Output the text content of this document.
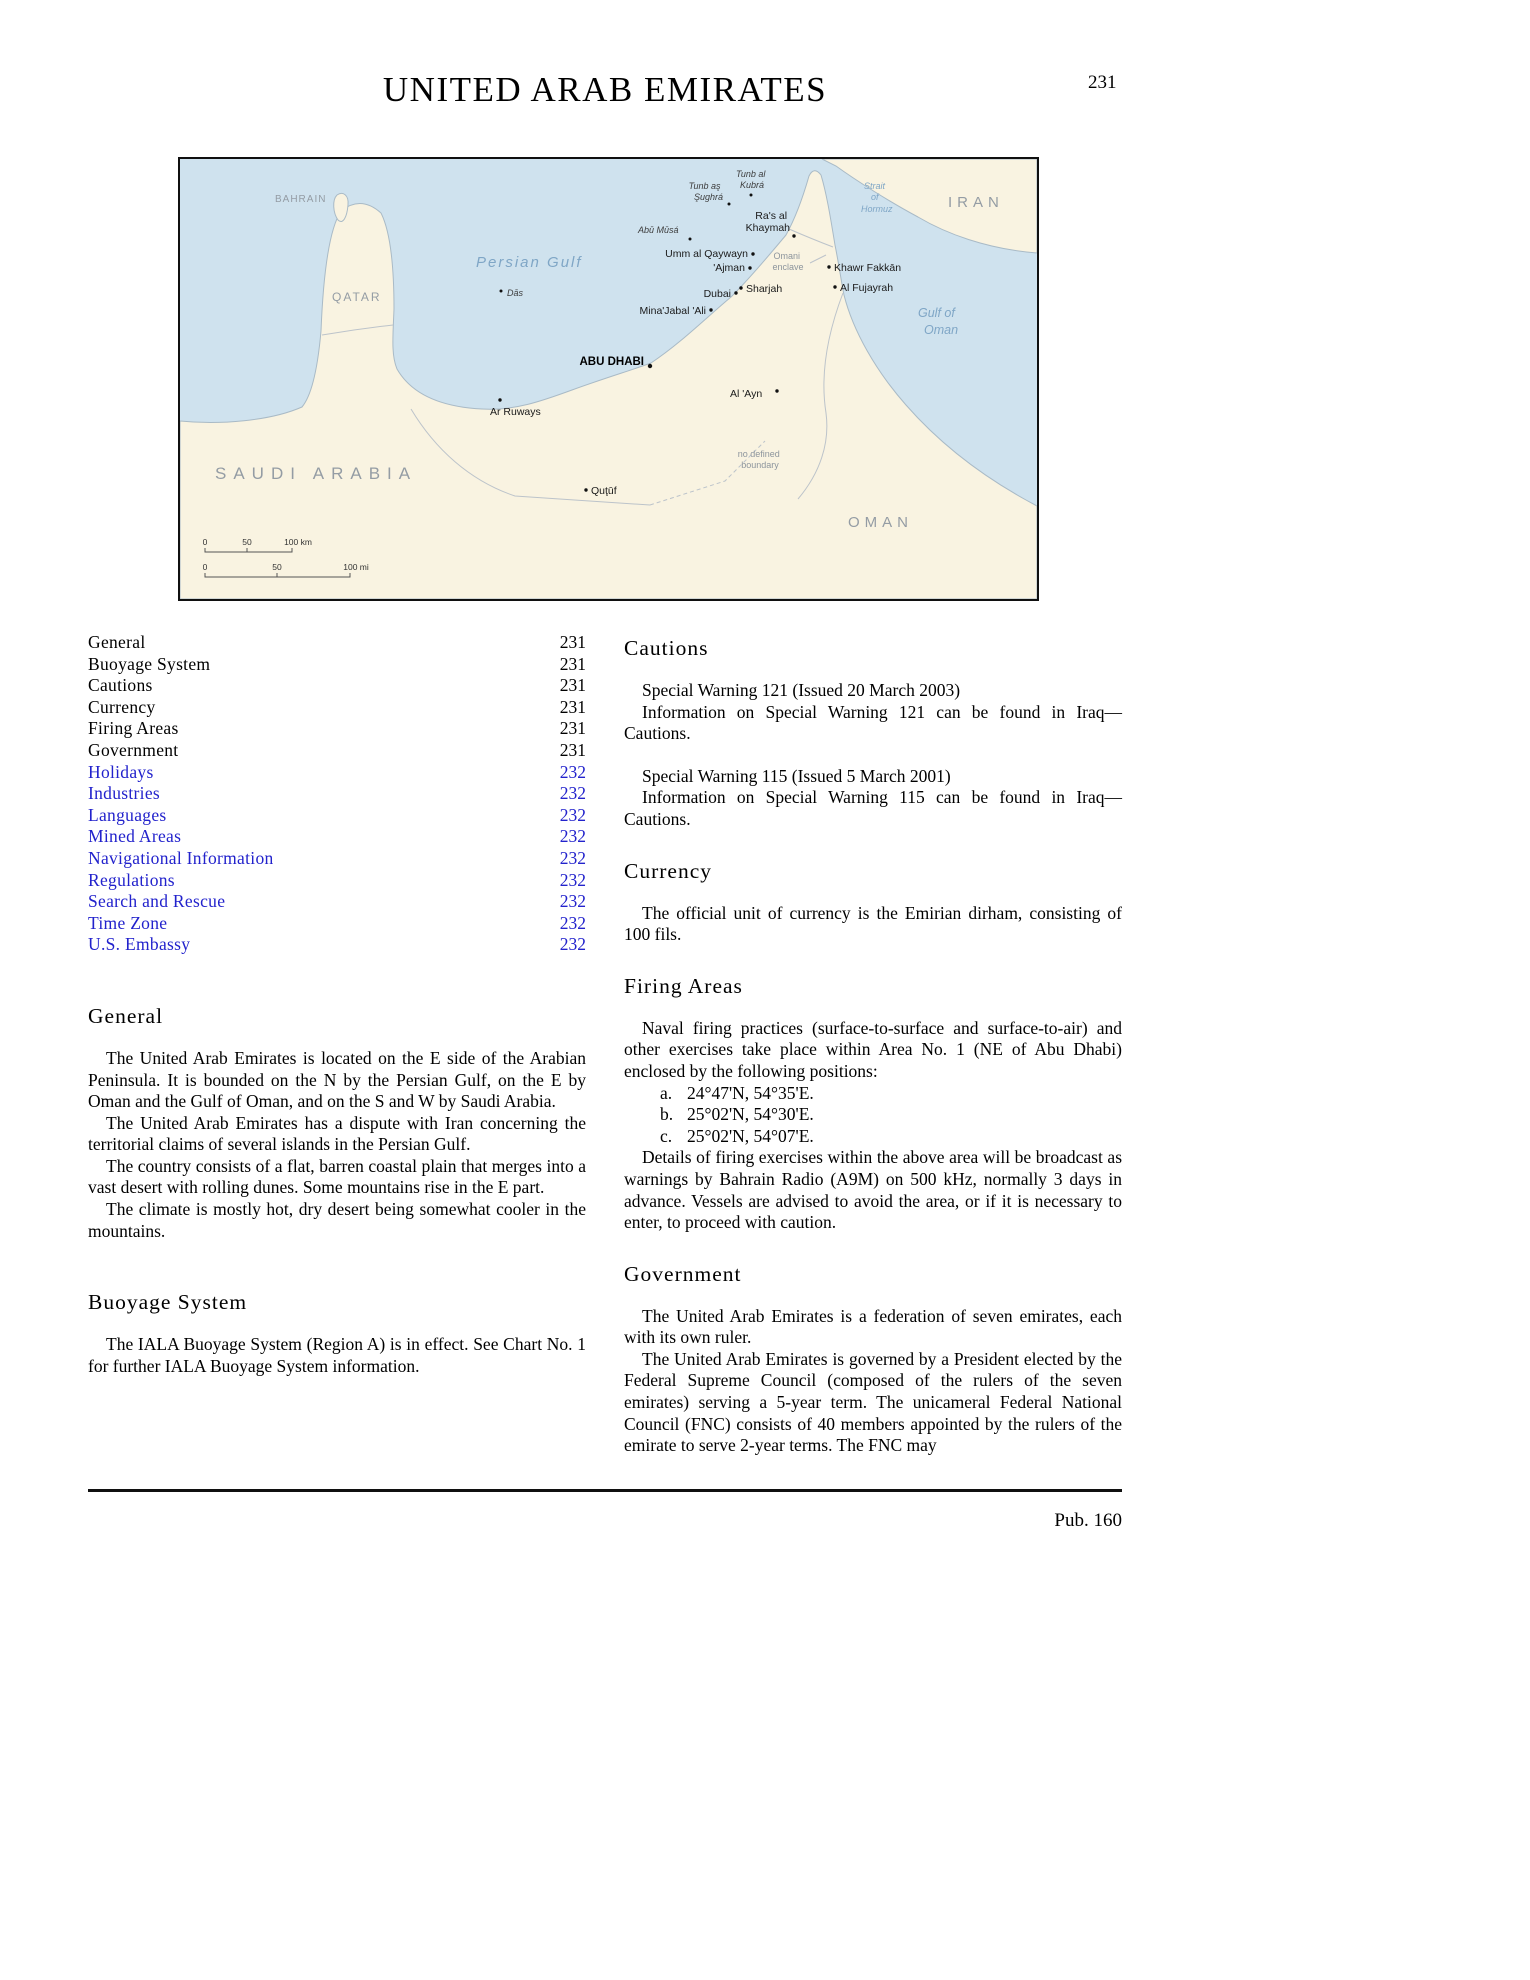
231
UNITED ARAB EMIRATES
BAHRAIN
QATAR
SAUDI ARABIA
IRAN
OMAN
Persian Gulf
Gulf of Oman
Strait of Hormuz
ABU DHABI
Ar Ruways
Quţūf
Mina'Jabal 'Ali
Dubai Sharjah
'Ajman
Umm al Qaywayn
Ra's al Khaymah
Khawr Fakkān
Al Fujayrah
Al 'Ayn
Dās
Abū Mūsá
Tunb aş Şughrá
Tunb al Kubrá
Omani enclave
no defined boundary
0	50	100 km
0	50	100 mi
General	231
Buoyage System	231
Cautions	231
Currency	231
Firing Areas	231
Government	231
Holidays	232
Industries	232
Languages	232
Mined Areas	232
Navigational Information	232
Regulations	232
Search and Rescue	232
Time Zone	232
U.S. Embassy	232
General

The United Arab Emirates is located on the E side of the Arabian Peninsula. It is bounded on the N by the Persian Gulf, on the E by Oman and the Gulf of Oman, and on the S and W by Saudi Arabia.

The United Arab Emirates has a dispute with Iran concerning the territorial claims of several islands in the Persian Gulf.

The country consists of a flat, barren coastal plain that merges into a vast desert with rolling dunes. Some mountains rise in the E part.

The climate is mostly hot, dry desert being somewhat cooler in the mountains.

Buoyage System

The IALA Buoyage System (Region A) is in effect. See Chart No. 1 for further IALA Buoyage System information.

Cautions

Special Warning 121 (Issued 20 March 2003)

Information on Special Warning 121 can be found in Iraq—Cautions.

Special Warning 115 (Issued 5 March 2001)

Information on Special Warning 115 can be found in Iraq—Cautions.

Currency

The official unit of currency is the Emirian dirham, consisting of 100 fils.

Firing Areas

Naval firing practices (surface-to-surface and surface-to-air) and other exercises take place within Area No. 1 (NE of Abu Dhabi) enclosed by the following positions:

a. 24°47'N, 54°35'E.
b. 25°02'N, 54°30'E.
c. 25°02'N, 54°07'E.

Details of firing exercises within the above area will be broadcast as warnings by Bahrain Radio (A9M) on 500 kHz, normally 3 days in advance. Vessels are advised to avoid the area, or if it is necessary to enter, to proceed with caution.

Government

The United Arab Emirates is a federation of seven emirates, each with its own ruler.

The United Arab Emirates is governed by a President elected by the Federal Supreme Council (composed of the rulers of the seven emirates) serving a 5-year term. The unicameral Federal National Council (FNC) consists of 40 members appointed by the rulers of the emirate to serve 2-year terms. The FNC may

Pub. 160
